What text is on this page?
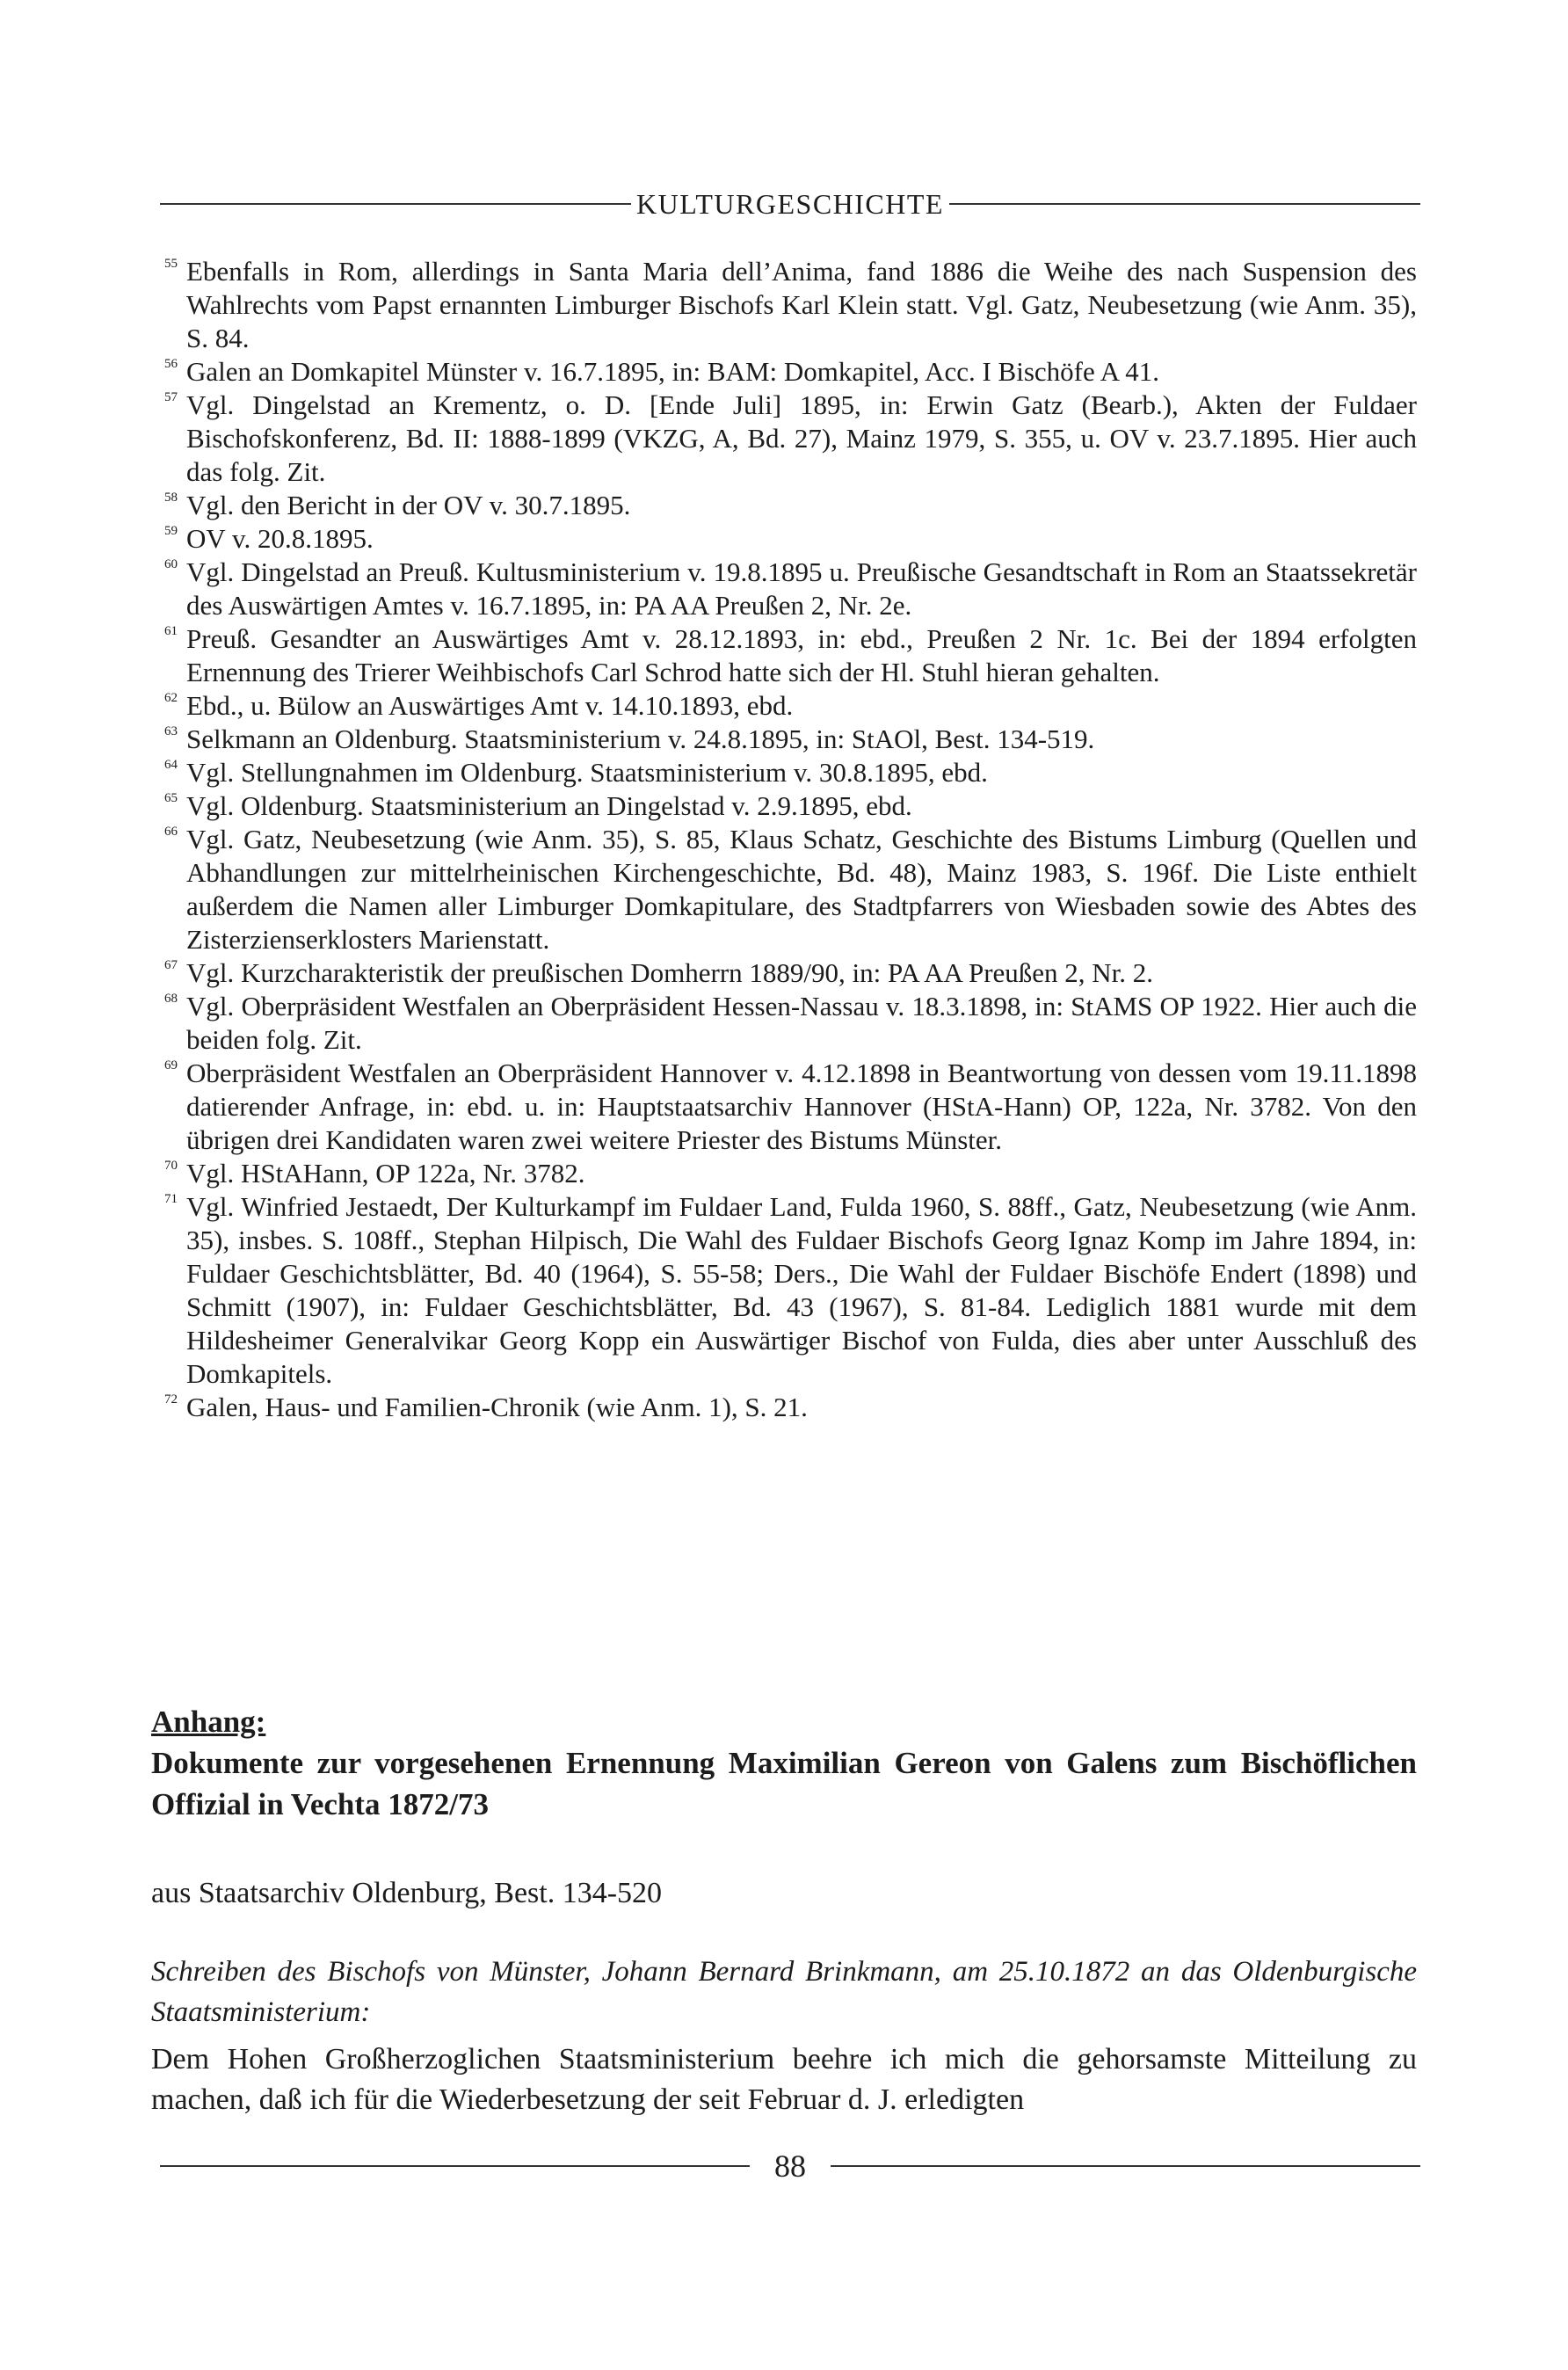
KULTURGESCHICHTE
55 Ebenfalls in Rom, allerdings in Santa Maria dell’Anima, fand 1886 die Weihe des nach Suspension des Wahlrechts vom Papst ernannten Limburger Bischofs Karl Klein statt. Vgl. Gatz, Neubesetzung (wie Anm. 35), S. 84.
56 Galen an Domkapitel Münster v. 16.7.1895, in: BAM: Domkapitel, Acc. I Bischöfe A 41.
57 Vgl. Dingelstad an Krementz, o. D. [Ende Juli] 1895, in: Erwin Gatz (Bearb.), Akten der Fuldaer Bischofskonferenz, Bd. II: 1888-1899 (VKZG, A, Bd. 27), Mainz 1979, S. 355, u. OV v. 23.7.1895. Hier auch das folg. Zit.
58 Vgl. den Bericht in der OV v. 30.7.1895.
59 OV v. 20.8.1895.
60 Vgl. Dingelstad an Preuß. Kultusministerium v. 19.8.1895 u. Preußische Gesandtschaft in Rom an Staatssekretär des Auswärtigen Amtes v. 16.7.1895, in: PA AA Preußen 2, Nr. 2e.
61 Preuß. Gesandter an Auswärtiges Amt v. 28.12.1893, in: ebd., Preußen 2 Nr. 1c. Bei der 1894 erfolgten Ernennung des Trierer Weihbischofs Carl Schrod hatte sich der Hl. Stuhl hieran gehalten.
62 Ebd., u. Bülow an Auswärtiges Amt v. 14.10.1893, ebd.
63 Selkmann an Oldenburg. Staatsministerium v. 24.8.1895, in: StAOl, Best. 134-519.
64 Vgl. Stellungnahmen im Oldenburg. Staatsministerium v. 30.8.1895, ebd.
65 Vgl. Oldenburg. Staatsministerium an Dingelstad v. 2.9.1895, ebd.
66 Vgl. Gatz, Neubesetzung (wie Anm. 35), S. 85, Klaus Schatz, Geschichte des Bistums Limburg (Quellen und Abhandlungen zur mittelrheinischen Kirchengeschichte, Bd. 48), Mainz 1983, S. 196f. Die Liste enthielt außerdem die Namen aller Limburger Domkapitulare, des Stadtpfarrers von Wiesbaden sowie des Abtes des Zisterzienserklosters Marienstatt.
67 Vgl. Kurzcharakteristik der preußischen Domherrn 1889/90, in: PA AA Preußen 2, Nr. 2.
68 Vgl. Oberpräsident Westfalen an Oberpräsident Hessen-Nassau v. 18.3.1898, in: StAMS OP 1922. Hier auch die beiden folg. Zit.
69 Oberpräsident Westfalen an Oberpräsident Hannover v. 4.12.1898 in Beantwortung von dessen vom 19.11.1898 datierender Anfrage, in: ebd. u. in: Hauptstaatsarchiv Hannover (HStA-Hann) OP, 122a, Nr. 3782. Von den übrigen drei Kandidaten waren zwei weitere Priester des Bistums Münster.
70 Vgl. HStAHann, OP 122a, Nr. 3782.
71 Vgl. Winfried Jestaedt, Der Kulturkampf im Fuldaer Land, Fulda 1960, S. 88ff., Gatz, Neubesetzung (wie Anm. 35), insbes. S. 108ff., Stephan Hilpisch, Die Wahl des Fuldaer Bischofs Georg Ignaz Komp im Jahre 1894, in: Fuldaer Geschichtsblätter, Bd. 40 (1964), S. 55-58; Ders., Die Wahl der Fuldaer Bischöfe Endert (1898) und Schmitt (1907), in: Fuldaer Geschichtsblätter, Bd. 43 (1967), S. 81-84. Lediglich 1881 wurde mit dem Hildesheimer Generalvikar Georg Kopp ein Auswärtiger Bischof von Fulda, dies aber unter Ausschluß des Domkapitels.
72 Galen, Haus- und Familien-Chronik (wie Anm. 1), S. 21.
Anhang:
Dokumente zur vorgesehenen Ernennung Maximilian Gereon von Galens zum Bischöflichen Offizial in Vechta 1872/73
aus Staatsarchiv Oldenburg, Best. 134-520
Schreiben des Bischofs von Münster, Johann Bernard Brinkmann, am 25.10.1872 an das Oldenburgische Staatsministerium:
Dem Hohen Großherzoglichen Staatsministerium beehre ich mich die gehorsamste Mitteilung zu machen, daß ich für die Wiederbesetzung der seit Februar d. J. erledigten
88
